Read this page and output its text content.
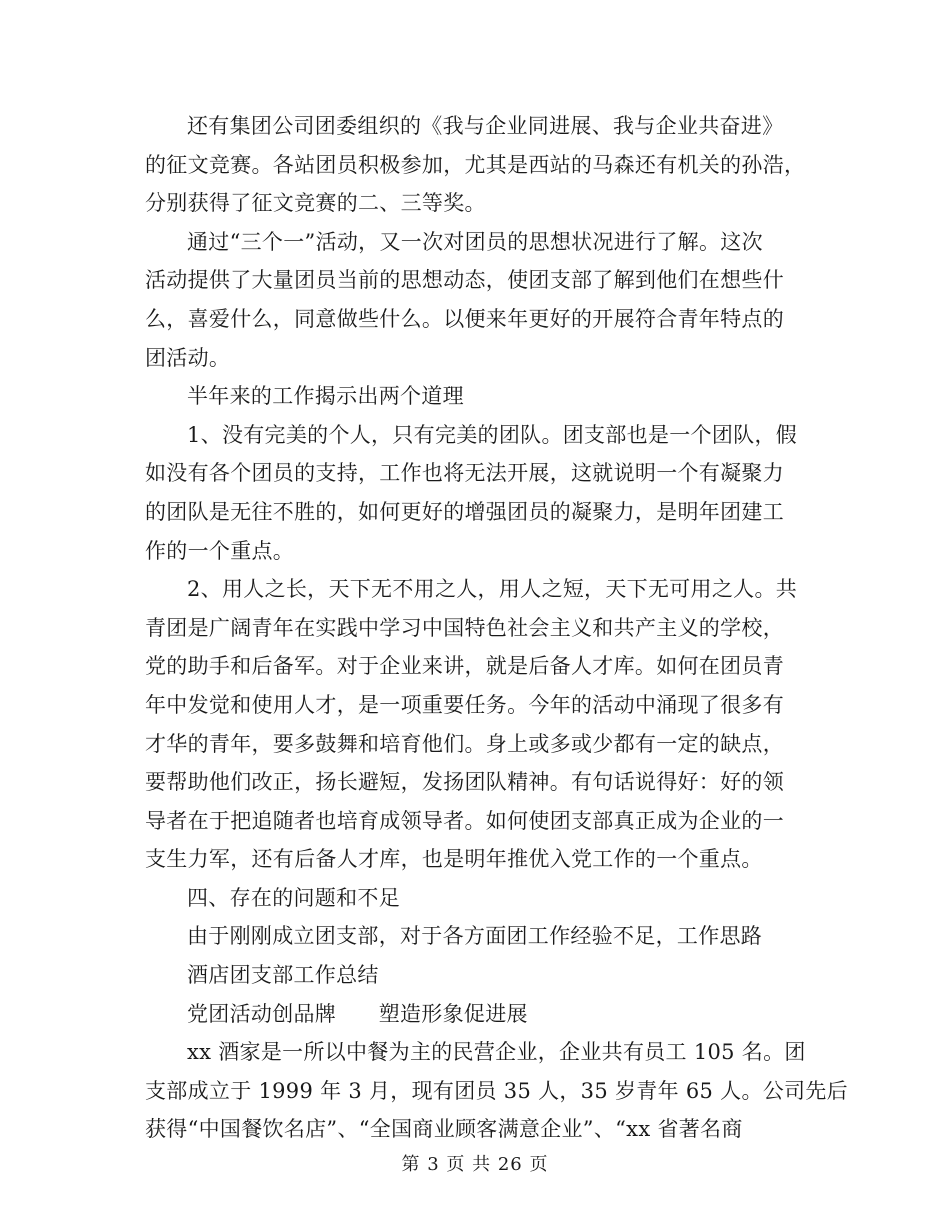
还有集团公司团委组织的《我与企业同进展、我与企业共奋进》
的征文竞赛。各站团员积极参加，尤其是西站的马森还有机关的孙浩，
分别获得了征文竞赛的二、三等奖。
通过“三个一”活动，又一次对团员的思想状况进行了解。这次
活动提供了大量团员当前的思想动态，使团支部了解到他们在想些什
么，喜爱什么，同意做些什么。以便来年更好的开展符合青年特点的
团活动。
半年来的工作揭示出两个道理
1、没有完美的个人，只有完美的团队。团支部也是一个团队，假
如没有各个团员的支持，工作也将无法开展，这就说明一个有凝聚力
的团队是无往不胜的，如何更好的增强团员的凝聚力，是明年团建工
作的一个重点。
2、用人之长，天下无不用之人，用人之短，天下无可用之人。共
青团是广阔青年在实践中学习中国特色社会主义和共产主义的学校，
党的助手和后备军。对于企业来讲，就是后备人才库。如何在团员青
年中发觉和使用人才，是一项重要任务。今年的活动中涌现了很多有
才华的青年，要多鼓舞和培育他们。身上或多或少都有一定的缺点，
要帮助他们改正，扬长避短，发扬团队精神。有句话说得好：好的领
导者在于把追随者也培育成领导者。如何使团支部真正成为企业的一
支生力军，还有后备人才库，也是明年推优入党工作的一个重点。
四、存在的问题和不足
由于刚刚成立团支部，对于各方面团工作经验不足，工作思路
酒店团支部工作总结
党团活动创品牌　　塑造形象促进展
xx 酒家是一所以中餐为主的民营企业，企业共有员工 105 名。团
支部成立于 1999 年 3 月，现有团员 35 人，35 岁青年 65 人。公司先后
获得“中国餐饮名店”、“全国商业顾客满意企业”、“xx 省著名商
第 3 页 共 26 页
